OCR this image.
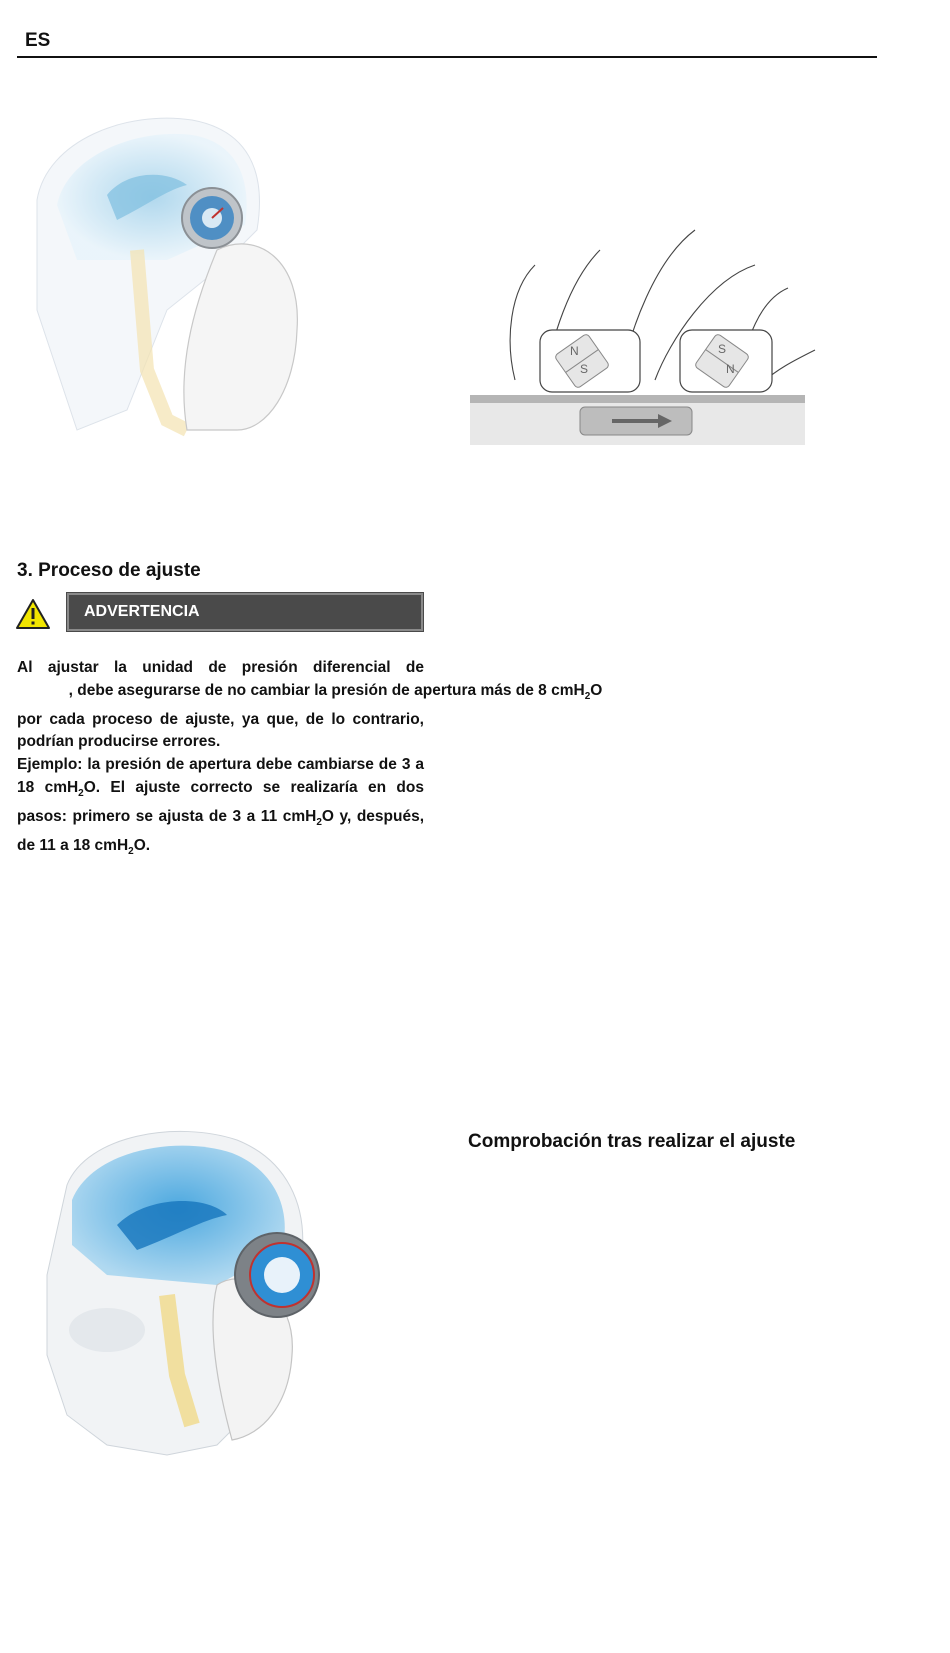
ES
N
S
S
N
3. Proceso de ajuste
ADVERTENCIA

Al ajustar la unidad de presión diferencial de            , debe asegurarse de no cambiar la presión de apertura más de 8 cmH$_2$O por cada proceso de ajuste, ya que, de lo contrario, podrían producirse errores.

Ejemplo: la presión de apertura debe cambiarse de 3 a 18 cmH$_2$O. El ajuste correcto se realizaría en dos pasos: primero se ajusta de 3 a 11 cmH$_2$O y, después, de 11 a 18 cmH$_2$O.

Comprobación tras realizar el ajuste
